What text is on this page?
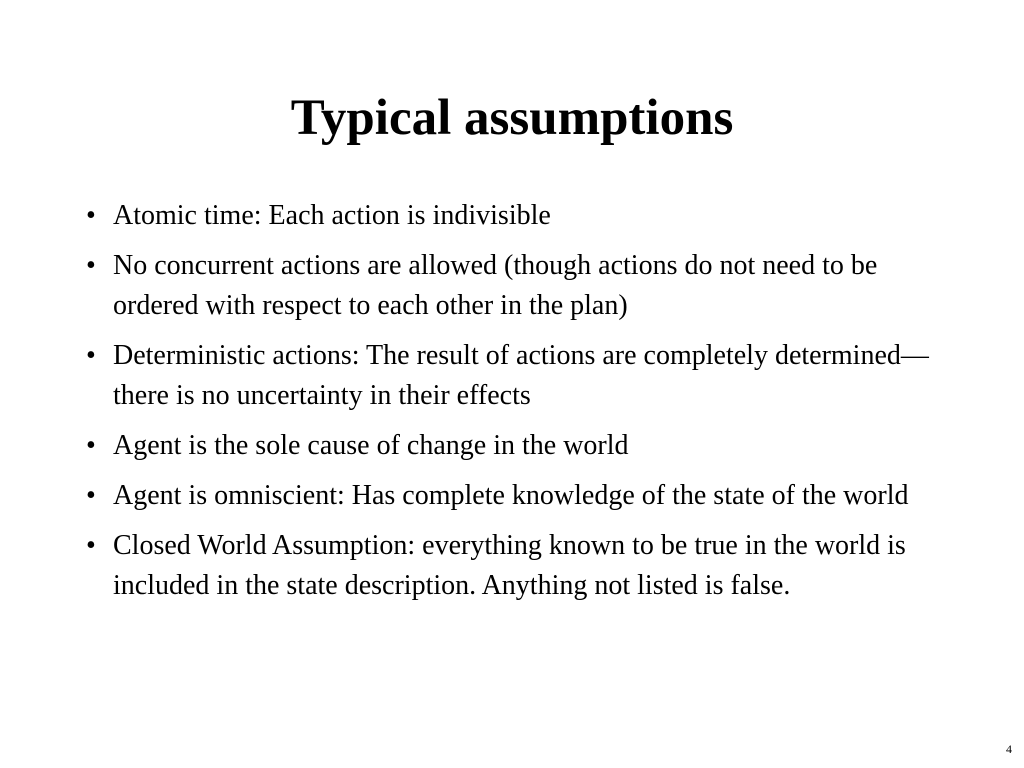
Typical assumptions
• Atomic time: Each action is indivisible
• No concurrent actions are allowed (though actions do not need to be ordered with respect to each other in the plan)
• Deterministic actions: The result of actions are completely determined—there is no uncertainty in their effects
• Agent is the sole cause of change in the world
• Agent is omniscient: Has complete knowledge of the state of the world
• Closed World Assumption: everything known to be true in the world is included in the state description. Anything not listed is false.
4
